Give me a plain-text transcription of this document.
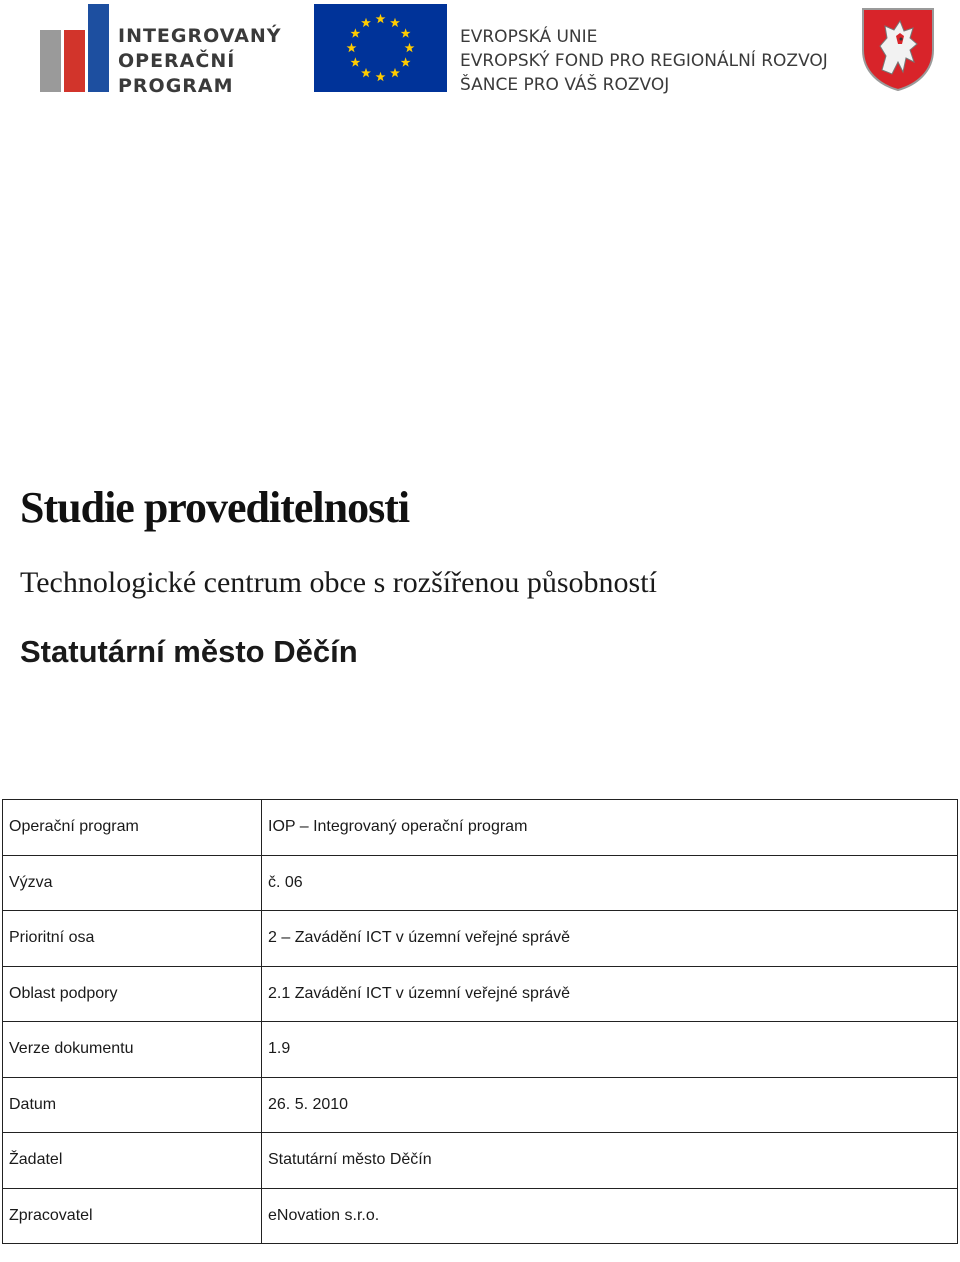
INTEGROVANÝ
OPERAČNÍ
PROGRAM
EVROPSKÁ UNIE
EVROPSKÝ FOND PRO REGIONÁLNÍ ROZVOJ
ŠANCE PRO VÁŠ ROZVOJ
Studie proveditelnosti

Technologické centrum obce s rozšířenou působností

Statutární město Děčín

Operační program	IOP – Integrovaný operační program
Výzva	č. 06
Prioritní osa	2 – Zavádění ICT v územní veřejné správě
Oblast podpory	2.1 Zavádění ICT v územní veřejné správě
Verze dokumentu	1.9
Datum	26. 5. 2010
Žadatel	Statutární město Děčín
Zpracovatel	eNovation s.r.o.
